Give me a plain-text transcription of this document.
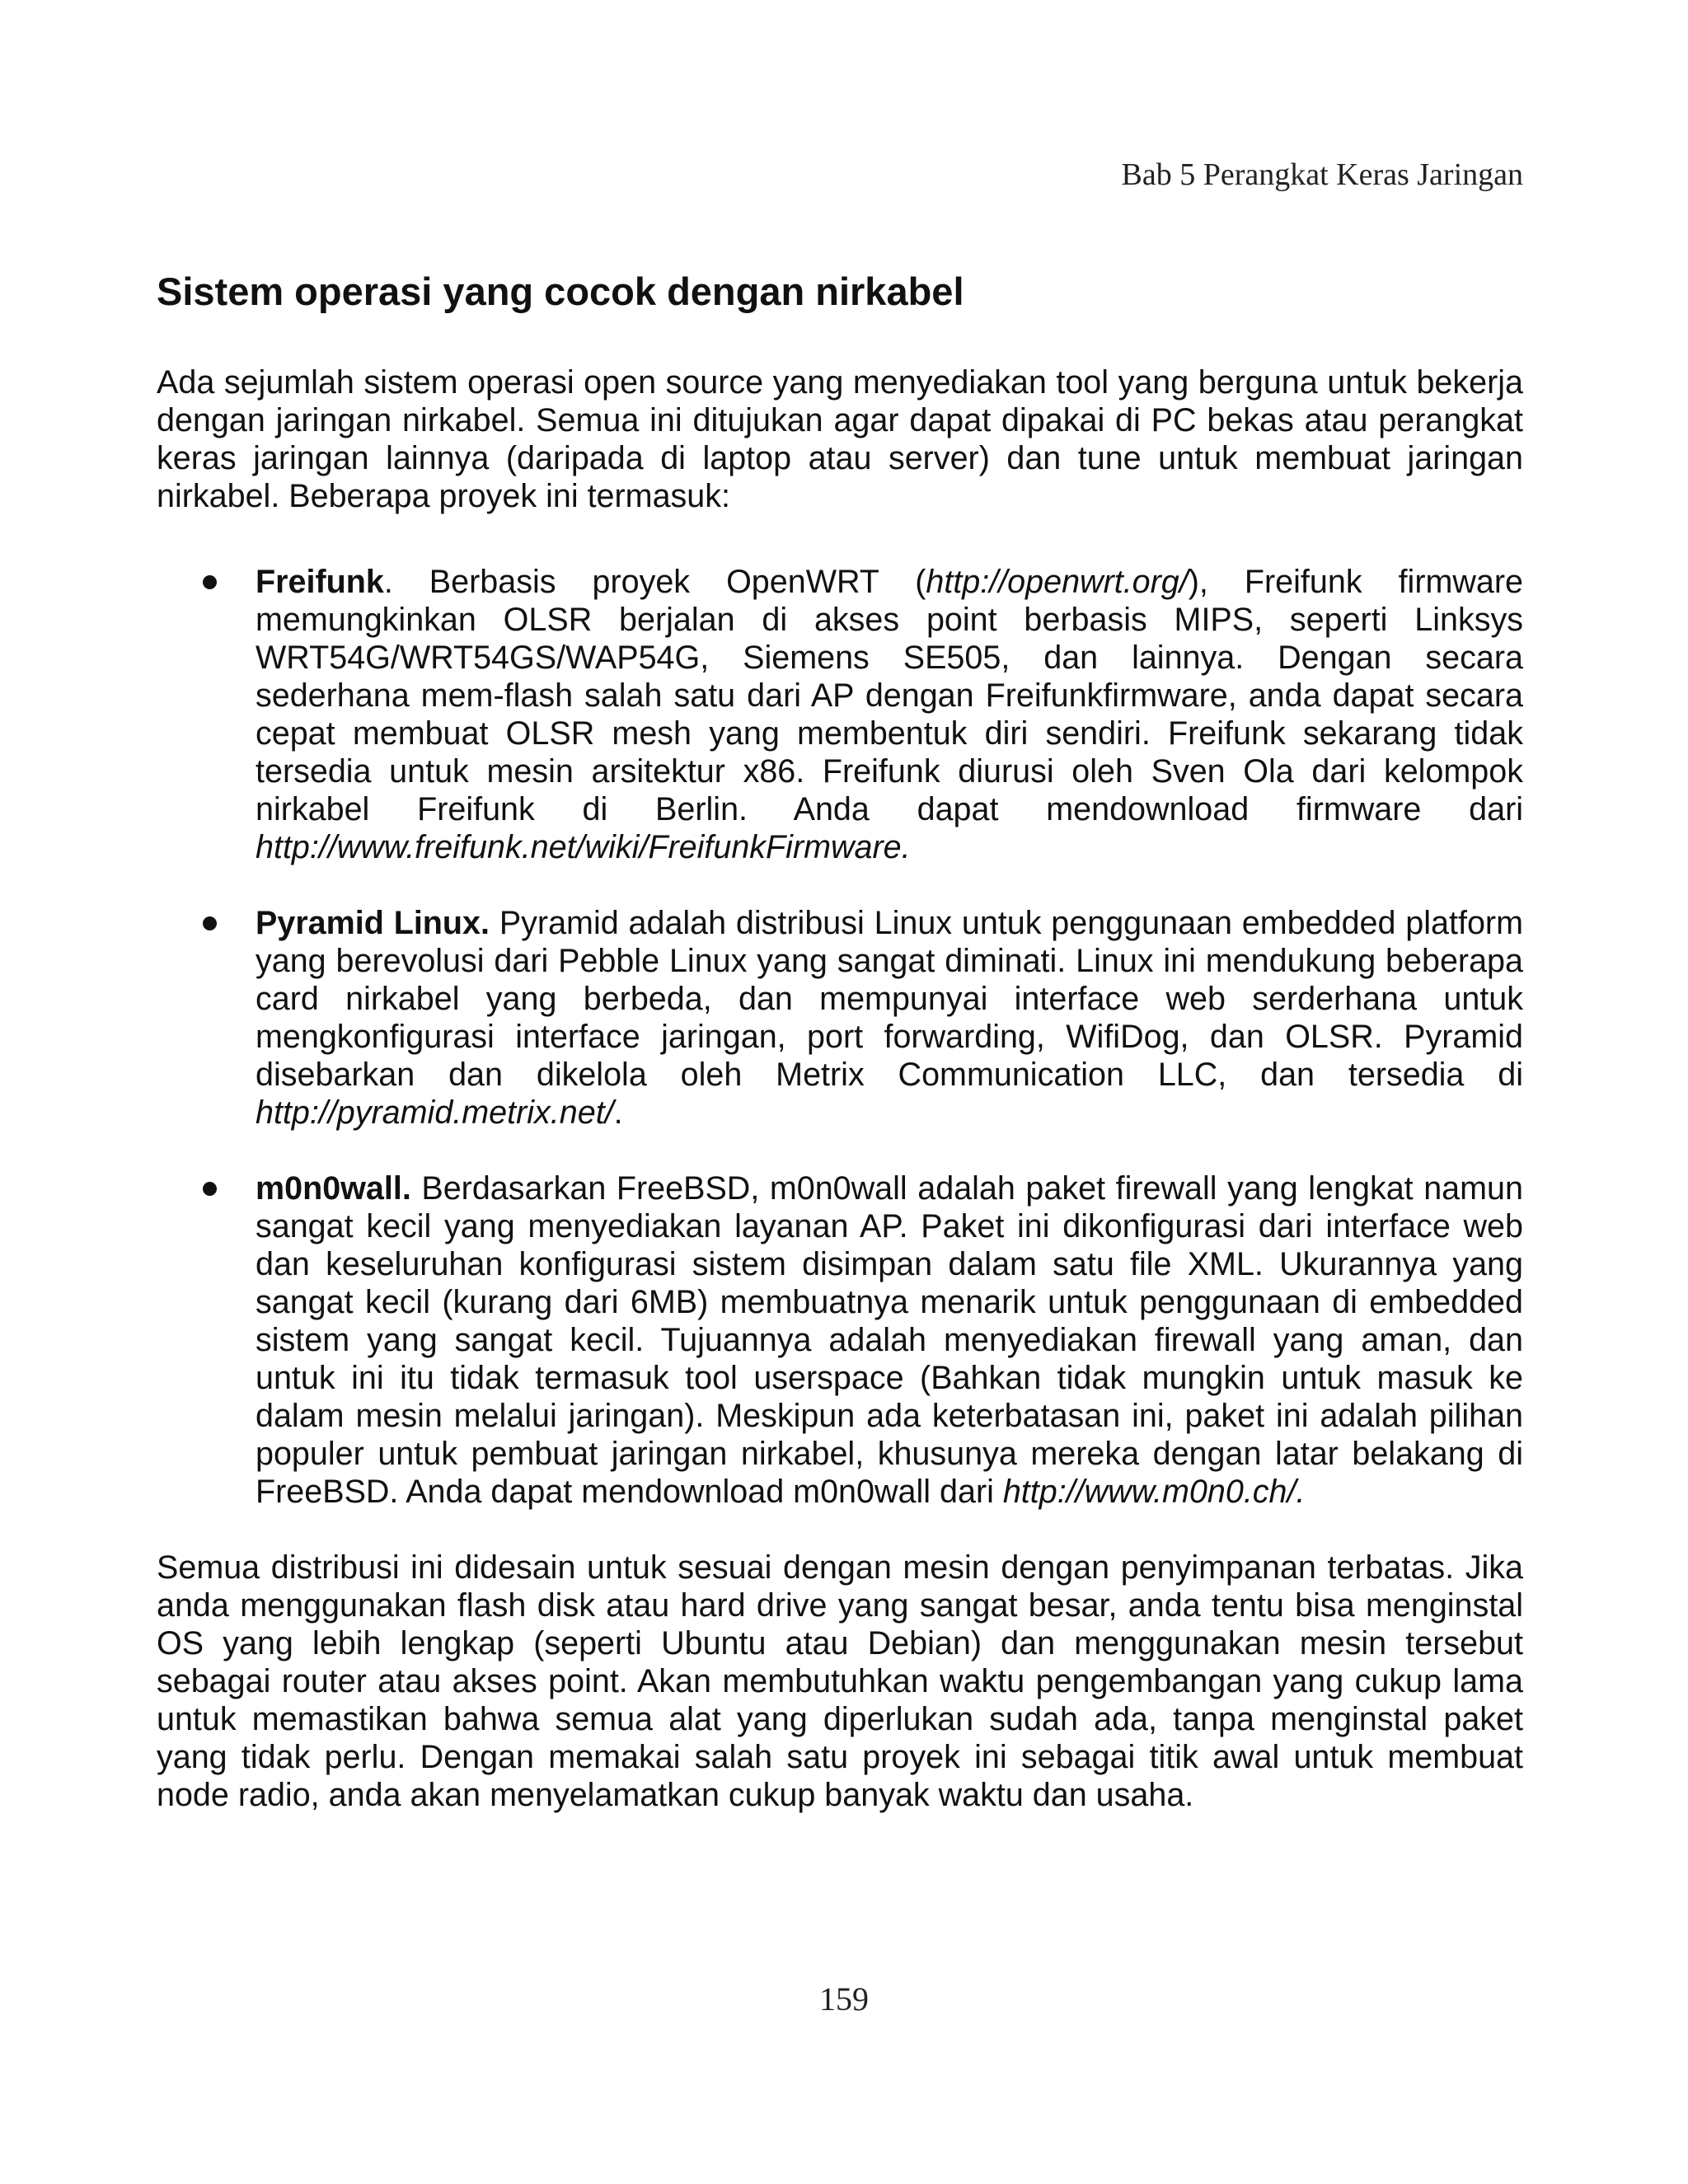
Bab 5 Perangkat Keras Jaringan
Sistem operasi yang cocok dengan nirkabel

Ada sejumlah sistem operasi open source yang menyediakan tool yang berguna untuk bekerja dengan jaringan nirkabel. Semua ini ditujukan agar dapat dipakai di PC bekas atau perangkat keras jaringan lainnya (daripada di laptop atau server) dan tune untuk membuat jaringan nirkabel. Beberapa proyek ini termasuk:

Freifunk. Berbasis proyek OpenWRT (http://openwrt.org/), Freifunk firmware memungkinkan OLSR berjalan di akses point berbasis MIPS, seperti Linksys WRT54G/WRT54GS/WAP54G, Siemens SE505, dan lainnya. Dengan secara sederhana mem-flash salah satu dari AP dengan Freifunkfirmware, anda dapat secara cepat membuat OLSR mesh yang membentuk diri sendiri. Freifunk sekarang tidak tersedia untuk mesin arsitektur x86. Freifunk diurusi oleh Sven Ola dari kelompok nirkabel Freifunk di Berlin. Anda dapat mendownload firmware dari http://www.freifunk.net/wiki/FreifunkFirmware.
Pyramid Linux. Pyramid adalah distribusi Linux untuk penggunaan embedded platform yang berevolusi dari Pebble Linux yang sangat diminati. Linux ini mendukung beberapa card nirkabel yang berbeda, dan mempunyai interface web serderhana untuk mengkonfigurasi interface jaringan, port forwarding, WifiDog, dan OLSR. Pyramid disebarkan dan dikelola oleh Metrix Communication LLC, dan tersedia di http://pyramid.metrix.net/.
m0n0wall. Berdasarkan FreeBSD, m0n0wall adalah paket firewall yang lengkat namun sangat kecil yang menyediakan layanan AP. Paket ini dikonfigurasi dari interface web dan keseluruhan konfigurasi sistem disimpan dalam satu file XML. Ukurannya yang sangat kecil (kurang dari 6MB) membuatnya menarik untuk penggunaan di embedded sistem yang sangat kecil. Tujuannya adalah menyediakan firewall yang aman, dan untuk ini itu tidak termasuk tool userspace (Bahkan tidak mungkin untuk masuk ke dalam mesin melalui jaringan). Meskipun ada keterbatasan ini, paket ini adalah pilihan populer untuk pembuat jaringan nirkabel, khusunya mereka dengan latar belakang di FreeBSD. Anda dapat mendownload m0n0wall dari http://www.m0n0.ch/.

Semua distribusi ini didesain untuk sesuai dengan mesin dengan penyimpanan terbatas. Jika anda menggunakan flash disk atau hard drive yang sangat besar, anda tentu bisa menginstal OS yang lebih lengkap (seperti Ubuntu atau Debian) dan menggunakan mesin tersebut sebagai router atau akses point. Akan membutuhkan waktu pengembangan yang cukup lama untuk memastikan bahwa semua alat yang diperlukan sudah ada, tanpa menginstal paket yang tidak perlu. Dengan memakai salah satu proyek ini sebagai titik awal untuk membuat node radio, anda akan menyelamatkan cukup banyak waktu dan usaha.

159
